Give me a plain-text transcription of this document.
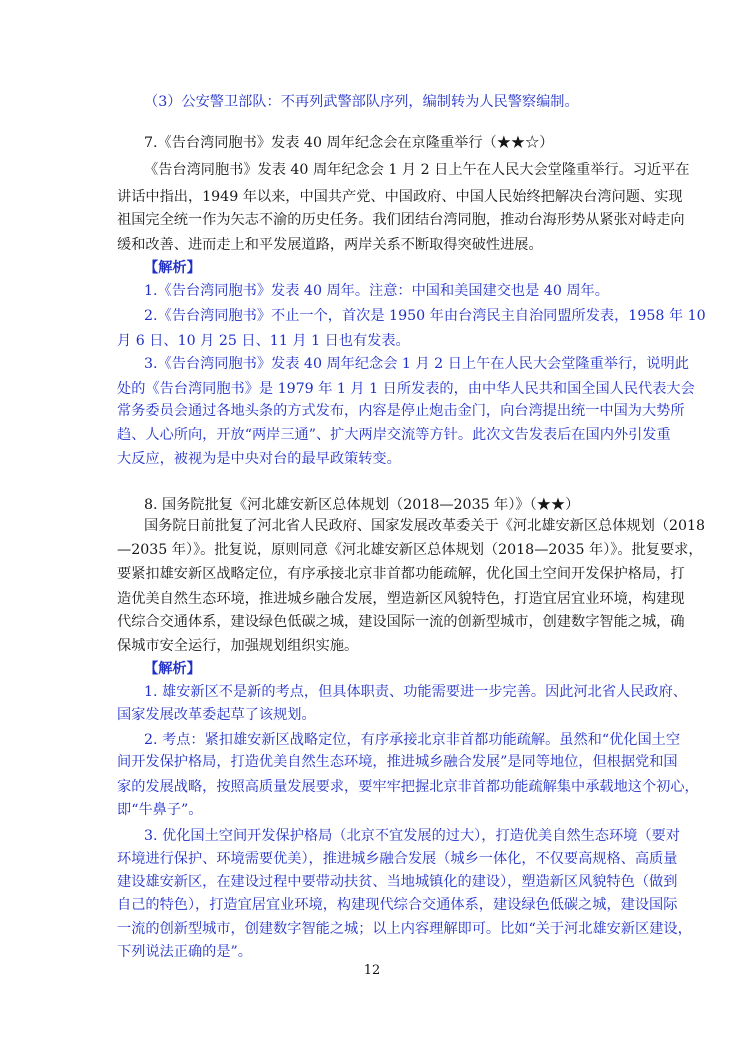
（3）公安警卫部队：不再列武警部队序列，编制转为人民警察编制。
7.《告台湾同胞书》发表 40 周年纪念会在京隆重举行（★★☆）
《告台湾同胞书》发表 40 周年纪念会 1 月 2 日上午在人民大会堂隆重举行。习近平在
讲话中指出，1949 年以来，中国共产党、中国政府、中国人民始终把解决台湾问题、实现
祖国完全统一作为矢志不渝的历史任务。我们团结台湾同胞，推动台海形势从紧张对峙走向
缓和改善、进而走上和平发展道路，两岸关系不断取得突破性进展。
【解析】
1.《告台湾同胞书》发表 40 周年。注意：中国和美国建交也是 40 周年。
2.《告台湾同胞书》不止一个，首次是 1950 年由台湾民主自治同盟所发表，1958 年 10
月 6 日、10 月 25 日、11 月 1 日也有发表。
3.《告台湾同胞书》发表 40 周年纪念会 1 月 2 日上午在人民大会堂隆重举行，说明此
处的《告台湾同胞书》是 1979 年 1 月 1 日所发表的，由中华人民共和国全国人民代表大会
常务委员会通过各地头条的方式发布，内容是停止炮击金门，向台湾提出统一中国为大势所
趋、人心所向，开放“两岸三通”、扩大两岸交流等方针。此次文告发表后在国内外引发重
大反应，被视为是中央对台的最早政策转变。
8. 国务院批复《河北雄安新区总体规划（2018—2035 年）》（★★）
国务院日前批复了河北省人民政府、国家发展改革委关于《河北雄安新区总体规划（2018
—2035 年）》。批复说，原则同意《河北雄安新区总体规划（2018—2035 年）》。批复要求，
要紧扣雄安新区战略定位，有序承接北京非首都功能疏解，优化国土空间开发保护格局，打
造优美自然生态环境，推进城乡融合发展，塑造新区风貌特色，打造宜居宜业环境，构建现
代综合交通体系，建设绿色低碳之城，建设国际一流的创新型城市，创建数字智能之城，确
保城市安全运行，加强规划组织实施。
【解析】
1. 雄安新区不是新的考点，但具体职责、功能需要进一步完善。因此河北省人民政府、
国家发展改革委起草了该规划。
2. 考点：紧扣雄安新区战略定位，有序承接北京非首都功能疏解。虽然和“优化国土空
间开发保护格局，打造优美自然生态环境，推进城乡融合发展”是同等地位，但根据党和国
家的发展战略，按照高质量发展要求，要牢牢把握北京非首都功能疏解集中承载地这个初心，
即“牛鼻子”。
3. 优化国土空间开发保护格局（北京不宜发展的过大），打造优美自然生态环境（要对
环境进行保护、环境需要优美），推进城乡融合发展（城乡一体化，不仅要高规格、高质量
建设雄安新区，在建设过程中要带动扶贫、当地城镇化的建设），塑造新区风貌特色（做到
自己的特色），打造宜居宜业环境，构建现代综合交通体系，建设绿色低碳之城，建设国际
一流的创新型城市，创建数字智能之城；以上内容理解即可。比如“关于河北雄安新区建设，
下列说法正确的是”。
12
